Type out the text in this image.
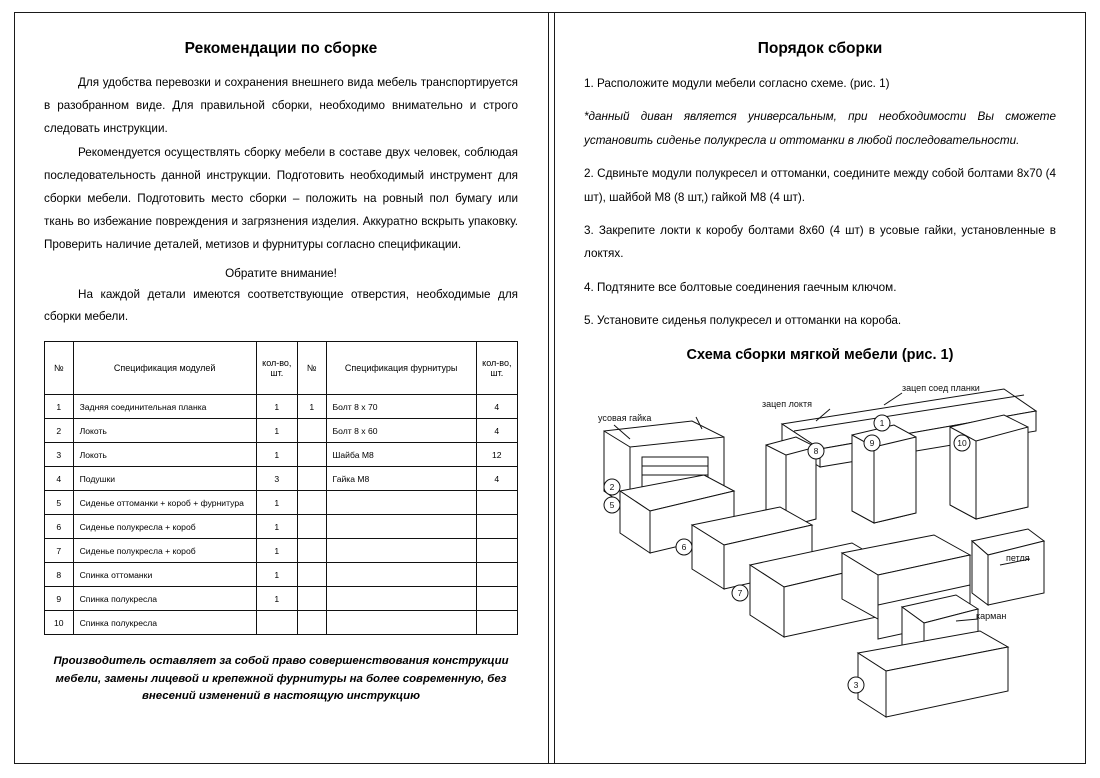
Рекомендации по сборке

Для удобства перевозки и сохранения внешнего вида мебель транспортируется в разобранном виде. Для правильной сборки, необходимо внимательно и строго следовать инструкции.

Рекомендуется осуществлять сборку мебели в составе двух человек, соблюдая последовательность данной инструкции. Подготовить необходимый инструмент для сборки мебели. Подготовить место сборки – положить на ровный пол бумагу или ткань во избежание повреждения и загрязнения изделия. Аккуратно вскрыть упаковку. Проверить наличие деталей, метизов и фурнитуры согласно спецификации.

Обратите внимание!

На каждой детали имеются соответствующие отверстия, необходимые для сборки мебели.

№	Спецификация модулей	кол-во, шт.	№	Спецификация фурнитуры	кол-во, шт.
1	Задняя соединительная планка	1	1	Болт 8 х 70	4
2	Локоть	1		Болт 8 х 60	4
3	Локоть	1		Шайба М8	12
4	Подушки	3		Гайка М8	4
5	Сиденье оттоманки + короб + фурнитура	1			
6	Сиденье полукресла + короб	1			
7	Сиденье полукресла + короб	1			
8	Спинка оттоманки	1			
9	Спинка полукресла	1			
10	Спинка полукресла				

Производитель оставляет за собой право совершенствования конструкции мебели, замены лицевой и крепежной фурнитуры на более современную, без внесений изменений в настоящую инструкцию

Порядок сборки

1. Расположите модули мебели согласно схеме. (рис. 1)

*данный диван является универсальным, при необходимости Вы сможете установить сиденье полукресла и оттоманки в любой последовательности.

2. Сдвиньте модули полукресел и оттоманки, соедините между собой болтами 8х70 (4 шт), шайбой М8 (8 шт,) гайкой М8 (4 шт).

3. Закрепите локти к коробу болтами 8х60 (4 шт) в усовые гайки, установленные в локтях.

4. Подтяните все болтовые соединения гаечным ключом.

5. Установите сиденья полукресел и оттоманки на короба.

Схема сборки мягкой мебели (рис. 1)
1
8
9	10
2
5
6
7
3
зацеп соед планки
зацеп локтя
усовая гайка
петля
карман
